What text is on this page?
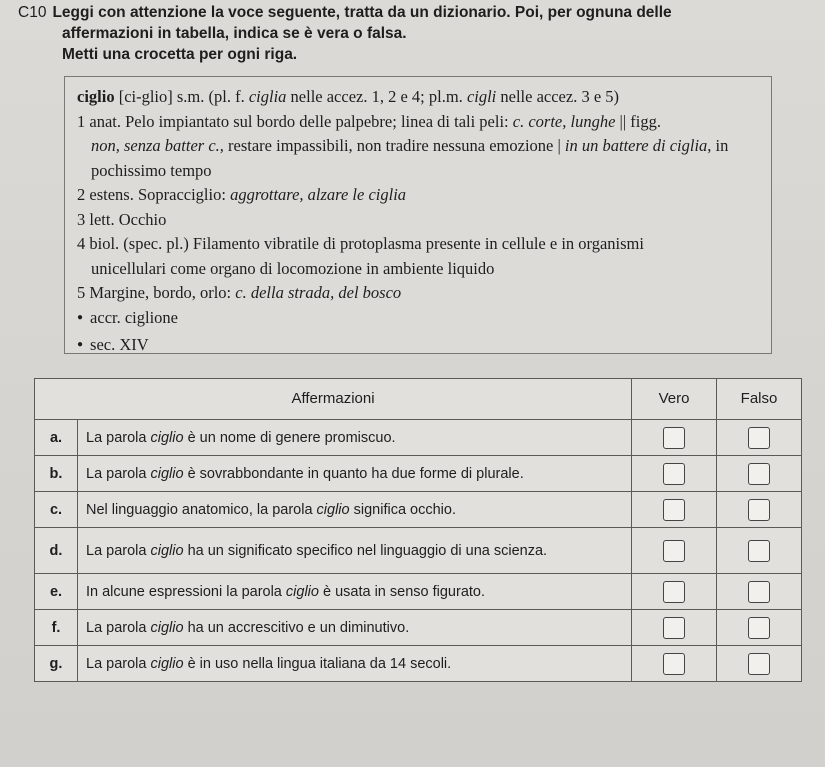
C10 Leggi con attenzione la voce seguente, tratta da un dizionario. Poi, per ognuna delle
affermazioni in tabella, indica se è vera o falsa.
Metti una crocetta per ogni riga.

ciglio [ci-glio] s.m. (pl. f. ciglia nelle accez. 1, 2 e 4; pl.m. cigli nelle accez. 3 e 5)

1 anat. Pelo impiantato sul bordo delle palpebre; linea di tali peli: c. corte, lunghe || figg.

non, senza batter c., restare impassibili, non tradire nessuna emozione | in un battere di ciglia, in pochissimo tempo

2 estens. Sopracciglio: aggrottare, alzare le ciglia

3 lett. Occhio

4 biol. (spec. pl.) Filamento vibratile di protoplasma presente in cellule e in organismi

unicellulari come organo di locomozione in ambiente liquido

5 Margine, bordo, orlo: c. della strada, del bosco

● accr. ciglione

● sec. XIV

Affermazioni		Vero	Falso
a.	La parola ciglio è un nome di genere promiscuo.		
b.	La parola ciglio è sovrabbondante in quanto ha due forme di plurale.		
c.	Nel linguaggio anatomico, la parola ciglio significa occhio.		
d.	La parola ciglio ha un significato specifico nel linguaggio di una scienza.		
e.	In alcune espressioni la parola ciglio è usata in senso figurato.		
f.	La parola ciglio ha un accrescitivo e un diminutivo.		
g.	La parola ciglio è in uso nella lingua italiana da 14 secoli.		
